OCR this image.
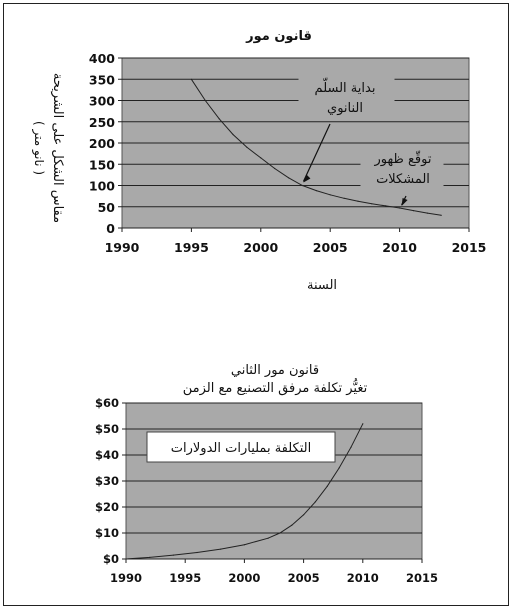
0
50
100
150
200
250
300
350
400
1990	1995	2000	2005	2010	2015
قانون مور
السنة
مقاس الشكل على الشريحة
( نانو متر )
بداية السلّم
النانوي
توقّع ظهور
المشكلات
$0
$10
$20
$30
$40
$50
$60
1990 1995 2000 2005 2010 2015
قانون مور الثاني
تغيُّر تكلفة مرفق التصنيع مع الزمن
التكلفة بمليارات الدولارات
